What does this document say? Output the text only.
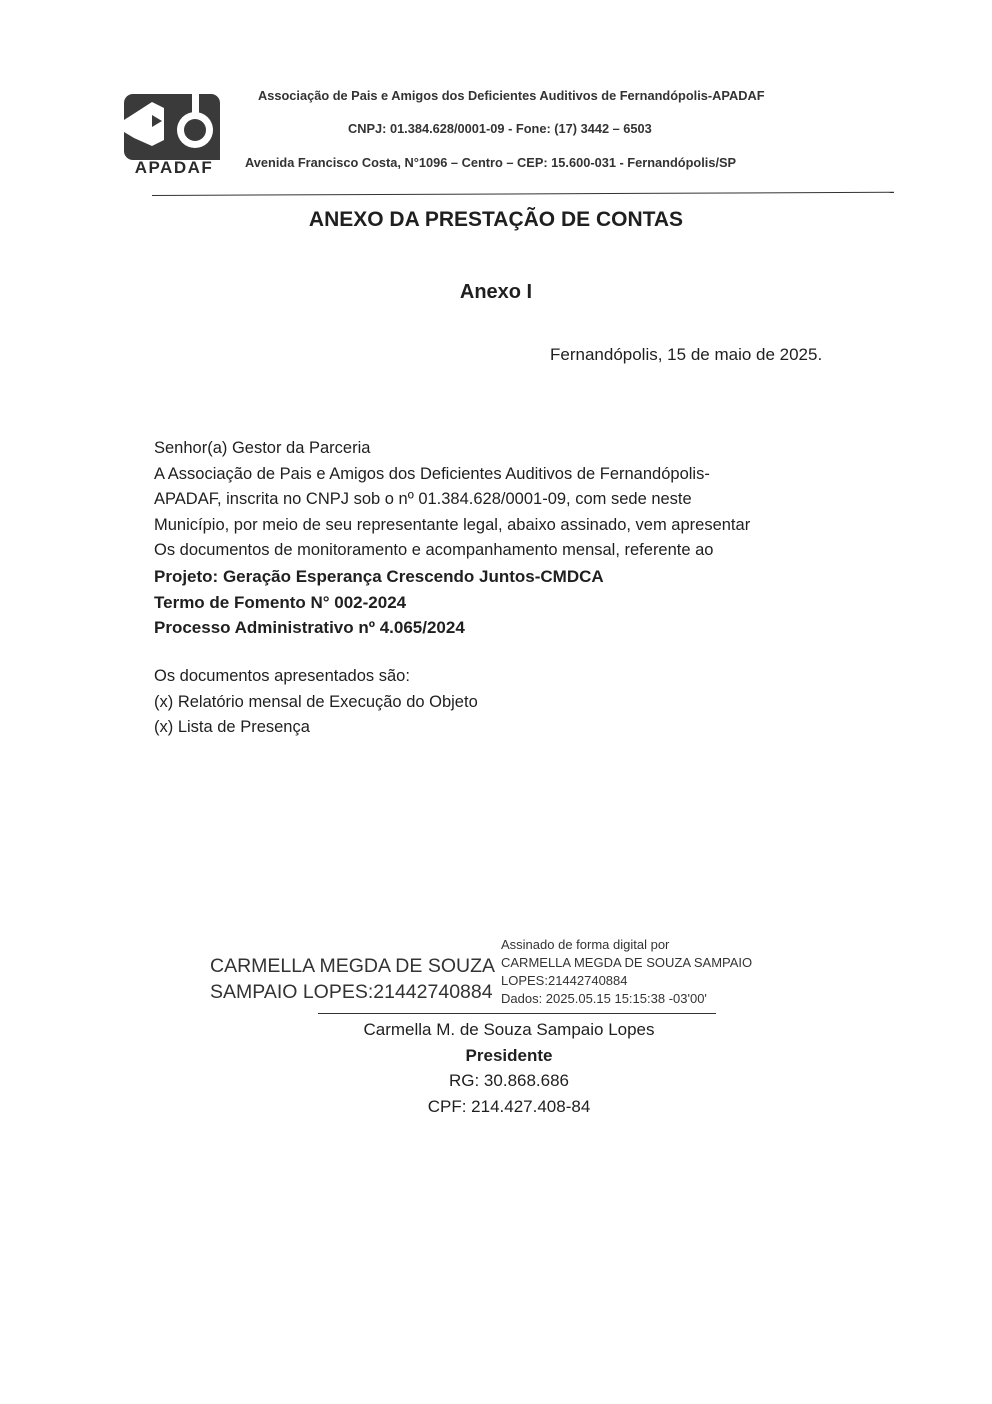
APADAF
Associação de Pais e Amigos dos Deficientes Auditivos de Fernandópolis-APADAF
CNPJ: 01.384.628/0001-09 - Fone: (17) 3442 – 6503
Avenida Francisco Costa, N°1096 – Centro – CEP: 15.600-031 - Fernandópolis/SP
ANEXO DA PRESTAÇÃO DE CONTAS
Anexo I
Fernandópolis, 15 de maio de 2025.

Senhor(a) Gestor da Parceria

A Associação de Pais e Amigos dos Deficientes Auditivos de Fernandópolis-

APADAF, inscrita no CNPJ sob o nº 01.384.628/0001-09, com sede neste

Município, por meio de seu representante legal, abaixo assinado, vem apresentar

Os documentos de monitoramento e acompanhamento mensal, referente ao

Projeto: Geração Esperança Crescendo Juntos-CMDCA

Termo de Fomento N° 002-2024

Processo Administrativo nº 4.065/2024

Os documentos apresentados são:

(x) Relatório mensal de Execução do Objeto

(x) Lista de Presença

CARMELLA MEGDA DE SOUZA

SAMPAIO LOPES:21442740884

Assinado de forma digital por

CARMELLA MEGDA DE SOUZA SAMPAIO

LOPES:21442740884

Dados: 2025.05.15 15:15:38 -03'00'

Carmella M. de Souza Sampaio Lopes

Presidente

RG: 30.868.686

CPF: 214.427.408-84
